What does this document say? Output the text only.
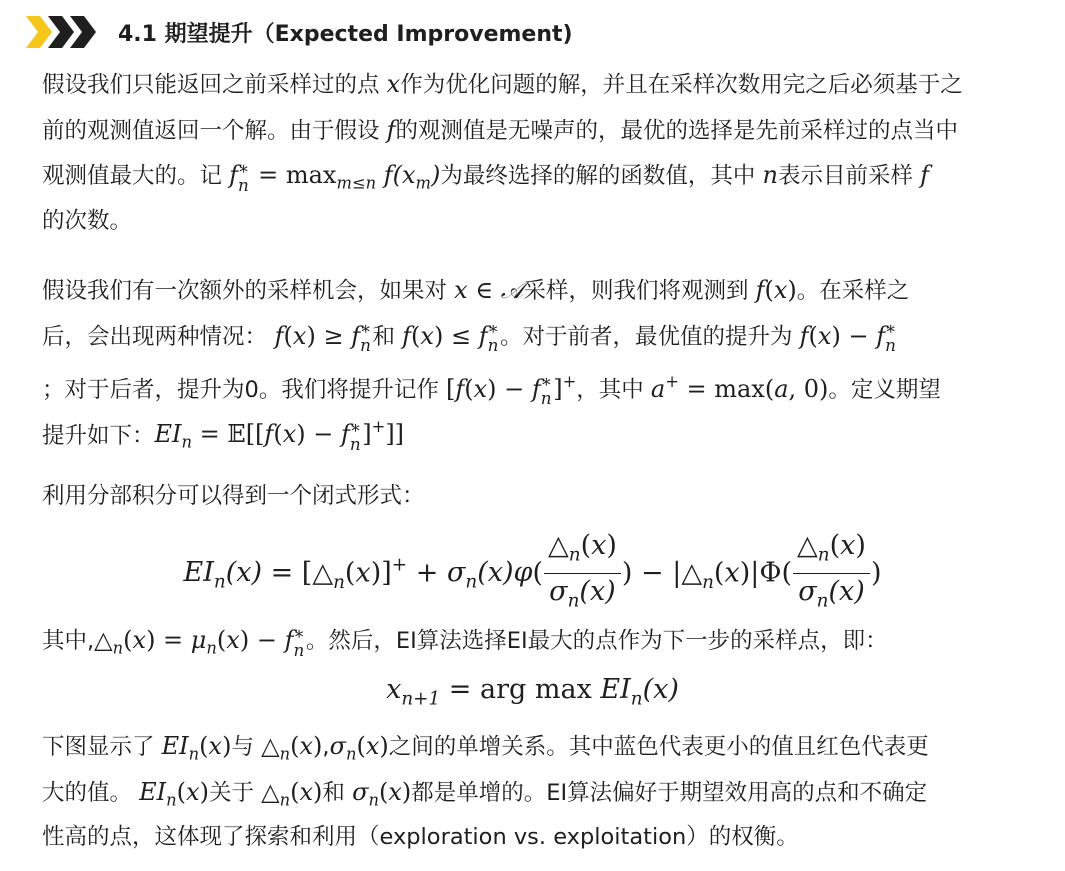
4.1 期望提升（Expected Improvement)
假设我们只能返回之前采样过的点 x作为优化问题的解，并且在采样次数用完之后必须基于之
前的观测值返回一个解。由于假设 f的观测值是无噪声的，最优的选择是先前采样过的点当中
观测值最大的。记 f ∗
$n = \max_{m\le n} f(x_m)$为最终选择的解的函数值，其中 n表示目前采样 f
的次数。
假设我们有一次额外的采样机会，如果对 x ∈ 𝒜采样，则我们将观测到 f(x)。在采样之
后，会出现两种情况： f(x) ≥ f ∗
n 和 f(x) ≤ f ∗
n 。对于前者，最优值的提升为 f(x) − f ∗
n
；对于后者，提升为0。我们将提升记作 [f(x) − f ∗
n ]+，其中 a+ = max(a, 0)。定义期望
提升如下：$EI_n$ = 𝔼[[f(x) − f ∗
n ]+]]
利用分部积分可以得到一个闭式形式：
$EI_n(x)$ = $[\triangle_n(x)]^+ + \sigma_n(x)\varphi( \frac{\triangle_n(x)}{\sigma_n(x)}$ ) − $|\triangle_n(x)|\Phi( \frac{\triangle_n(x)}{\sigma_n(x)}$ )
其中$,\triangle_n(x) = \mu_n(x) - f$ ∗
n 。然后，EI算法选择EI最大的点作为下一步的采样点，即：
$x_{n+1}$ = arg $\max EI_n(x)$
下图显示了 $EI_n(x)$与 $\triangle_n(x),\sigma_n(x)$之间的单增关系。其中蓝色代表更小的值且红色代表更
大的值。 $EI_n(x)$关于 $\triangle_n(x)$和 $\sigma_n(x)$都是单增的。EI算法偏好于期望效用高的点和不确定
性高的点，这体现了探索和利用（exploration vs. exploitation）的权衡。
